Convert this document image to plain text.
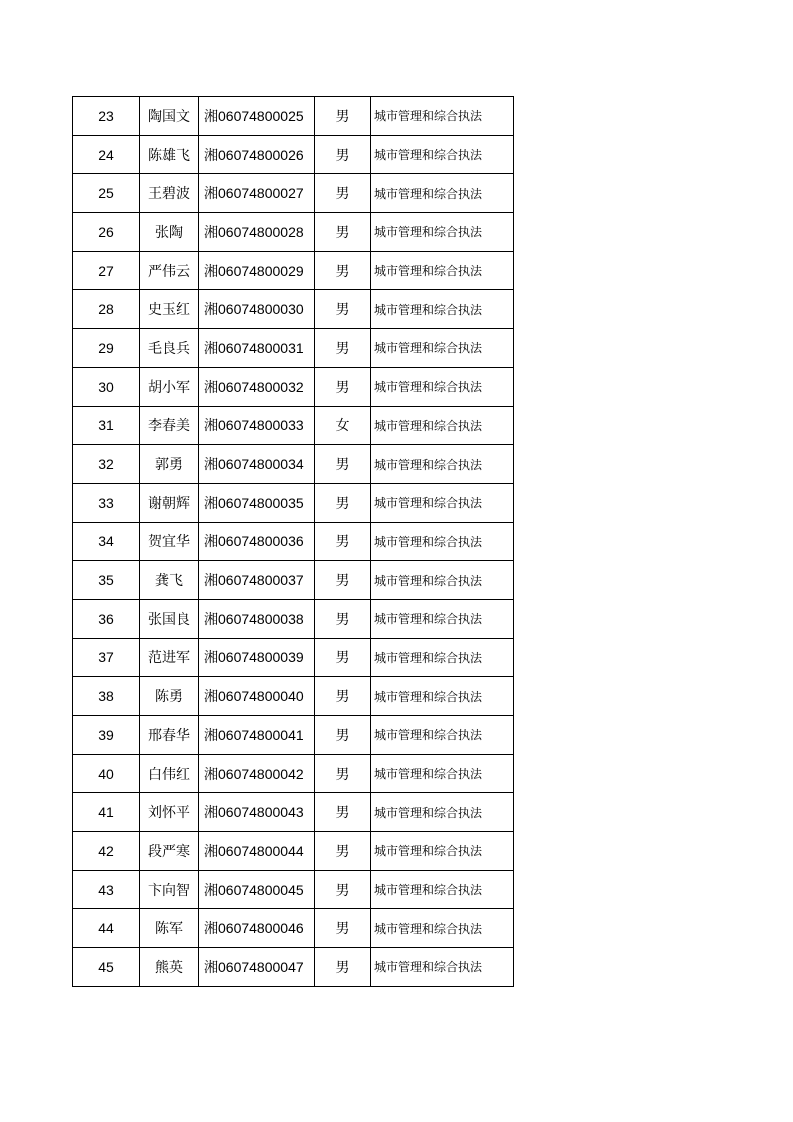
23	陶国文	湘06074800025	男	城市管理和综合执法
24	陈雄飞	湘06074800026	男	城市管理和综合执法
25	王碧波	湘06074800027	男	城市管理和综合执法
26	张陶	湘06074800028	男	城市管理和综合执法
27	严伟云	湘06074800029	男	城市管理和综合执法
28	史玉红	湘06074800030	男	城市管理和综合执法
29	毛良兵	湘06074800031	男	城市管理和综合执法
30	胡小军	湘06074800032	男	城市管理和综合执法
31	李春美	湘06074800033	女	城市管理和综合执法
32	郭勇	湘06074800034	男	城市管理和综合执法
33	谢朝辉	湘06074800035	男	城市管理和综合执法
34	贺宜华	湘06074800036	男	城市管理和综合执法
35	龚飞	湘06074800037	男	城市管理和综合执法
36	张国良	湘06074800038	男	城市管理和综合执法
37	范进军	湘06074800039	男	城市管理和综合执法
38	陈勇	湘06074800040	男	城市管理和综合执法
39	邢春华	湘06074800041	男	城市管理和综合执法
40	白伟红	湘06074800042	男	城市管理和综合执法
41	刘怀平	湘06074800043	男	城市管理和综合执法
42	段严寒	湘06074800044	男	城市管理和综合执法
43	卞向智	湘06074800045	男	城市管理和综合执法
44	陈军	湘06074800046	男	城市管理和综合执法
45	熊英	湘06074800047	男	城市管理和综合执法
